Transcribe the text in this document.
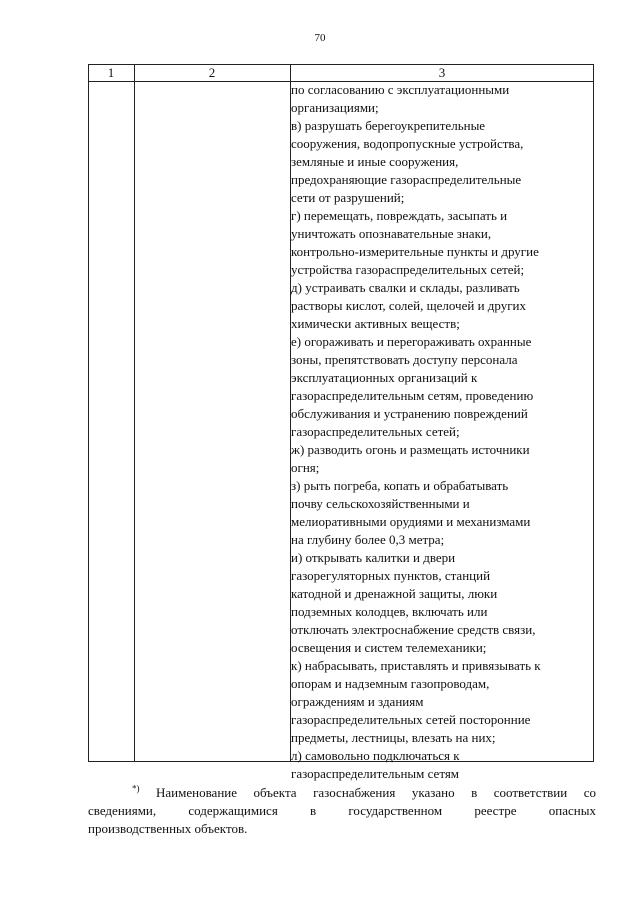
70
1	2	3
по согласованию с эксплуатационными
организациями;
в) разрушать берегоукрепительные
сооружения, водопропускные устройства,
земляные и иные сооружения,
предохраняющие газораспределительные
сети от разрушений;
г) перемещать, повреждать, засыпать и
уничтожать опознавательные знаки,
контрольно-измерительные пункты и другие
устройства газораспределительных сетей;
д) устраивать свалки и склады, разливать
растворы кислот, солей, щелочей и других
химически активных веществ;
е) огораживать и перегораживать охранные
зоны, препятствовать доступу персонала
эксплуатационных организаций к
газораспределительным сетям, проведению
обслуживания и устранению повреждений
газораспределительных сетей;
ж) разводить огонь и размещать источники
огня;
з) рыть погреба, копать и обрабатывать
почву сельскохозяйственными и
мелиоративными орудиями и механизмами
на глубину более 0,3 метра;
и) открывать калитки и двери
газорегуляторных пунктов, станций
катодной и дренажной защиты, люки
подземных колодцев, включать или
отключать электроснабжение средств связи,
освещения и систем телемеханики;
к) набрасывать, приставлять и привязывать к
опорам и надземным газопроводам,
ограждениям и зданиям
газораспределительных сетей посторонние
предметы, лестницы, влезать на них;
л) самовольно подключаться к
газораспределительным сетям
*) Наименование объекта газоснабжения указано в соответствии со
сведениями, содержащимися в государственном реестре опасных
производственных объектов.
